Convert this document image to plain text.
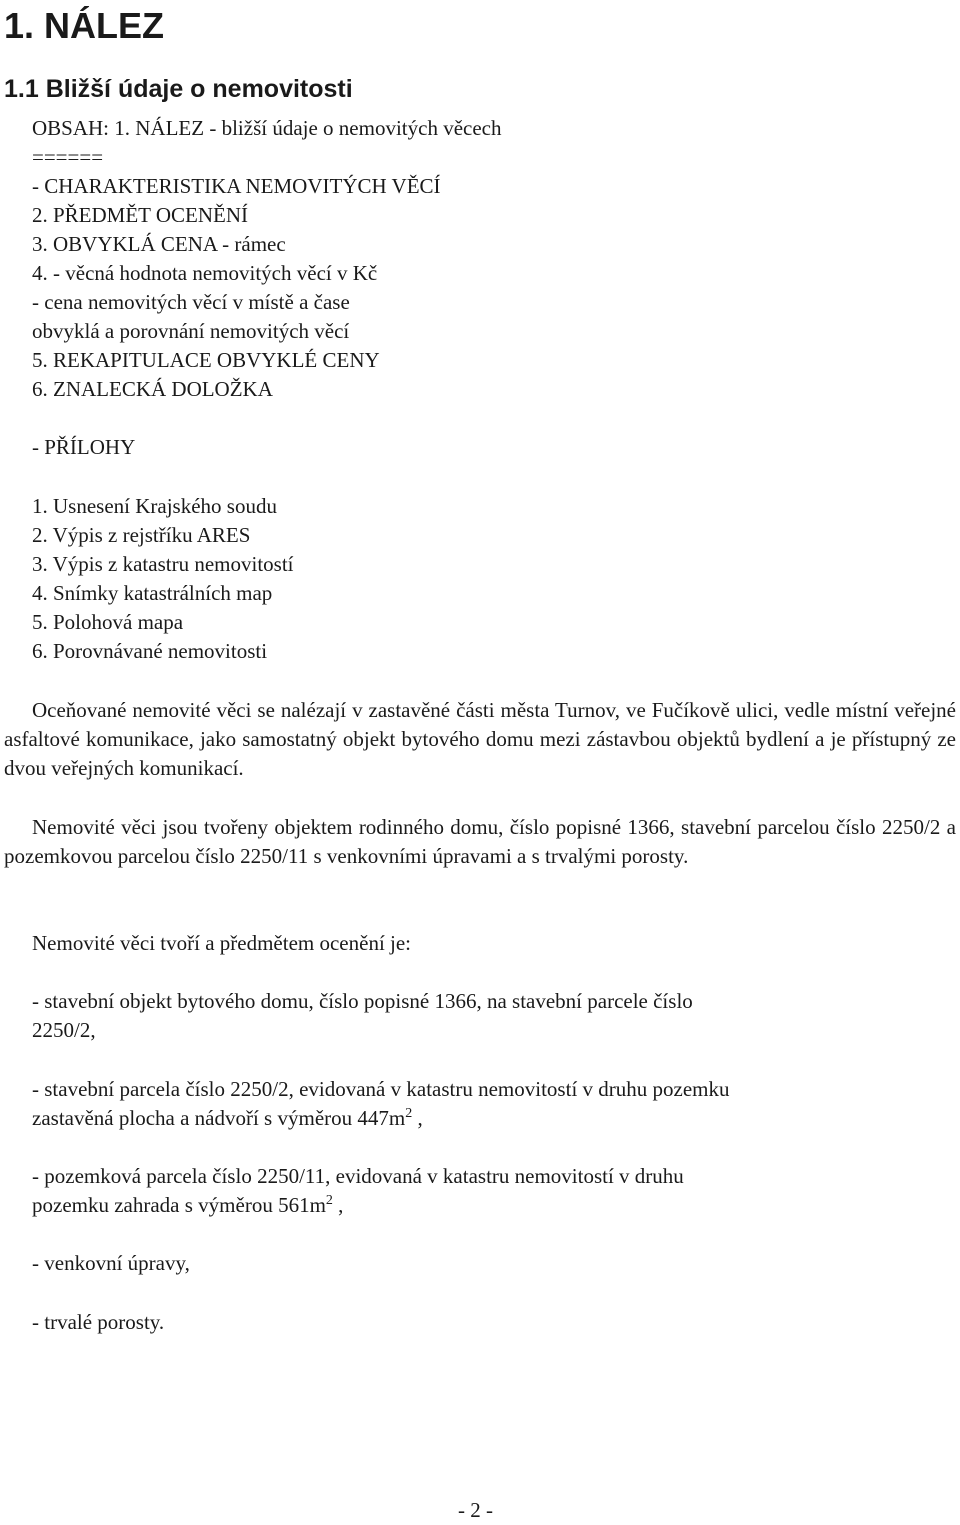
1. NÁLEZ
1.1 Bližší údaje o nemovitosti
OBSAH: 1. NÁLEZ - bližší údaje o nemovitých věcech
======
- CHARAKTERISTIKA NEMOVITÝCH VĚCÍ
2. PŘEDMĚT OCENĚNÍ
3. OBVYKLÁ CENA - rámec
4. - věcná hodnota nemovitých věcí v Kč
- cena nemovitých věcí v místě a čase
obvyklá a porovnání nemovitých věcí
5. REKAPITULACE OBVYKLÉ CENY
6. ZNALECKÁ DOLOŽKA
- PŘÍLOHY
1. Usnesení Krajského soudu
2. Výpis z rejstříku ARES
3. Výpis z katastru nemovitostí
4. Snímky katastrálních map
5. Polohová mapa
6. Porovnávané nemovitosti

Oceňované nemovité věci se nalézají v zastavěné části města Turnov, ve Fučíkově ulici, vedle místní veřejné asfaltové komunikace, jako samostatný objekt bytového domu mezi zástavbou objektů bydlení a je přístupný ze dvou veřejných komunikací.

Nemovité věci jsou tvořeny objektem rodinného domu, číslo popisné 1366, stavební parcelou číslo 2250/2 a pozemkovou parcelou číslo 2250/11 s venkovními úpravami a s trvalými porosty.

Nemovité věci tvoří a předmětem ocenění je:

- stavební objekt bytového domu, číslo popisné 1366, na stavební parcele číslo 2250/2,

- stavební parcela číslo 2250/2, evidovaná v katastru nemovitostí v druhu pozemku zastavěná plocha a nádvoří s výměrou $447m^2$ ,

- pozemková parcela číslo 2250/11, evidovaná v katastru nemovitostí v druhu pozemku zahrada s výměrou $561m^2$ ,

- venkovní úpravy,

- trvalé porosty.

- 2 -
